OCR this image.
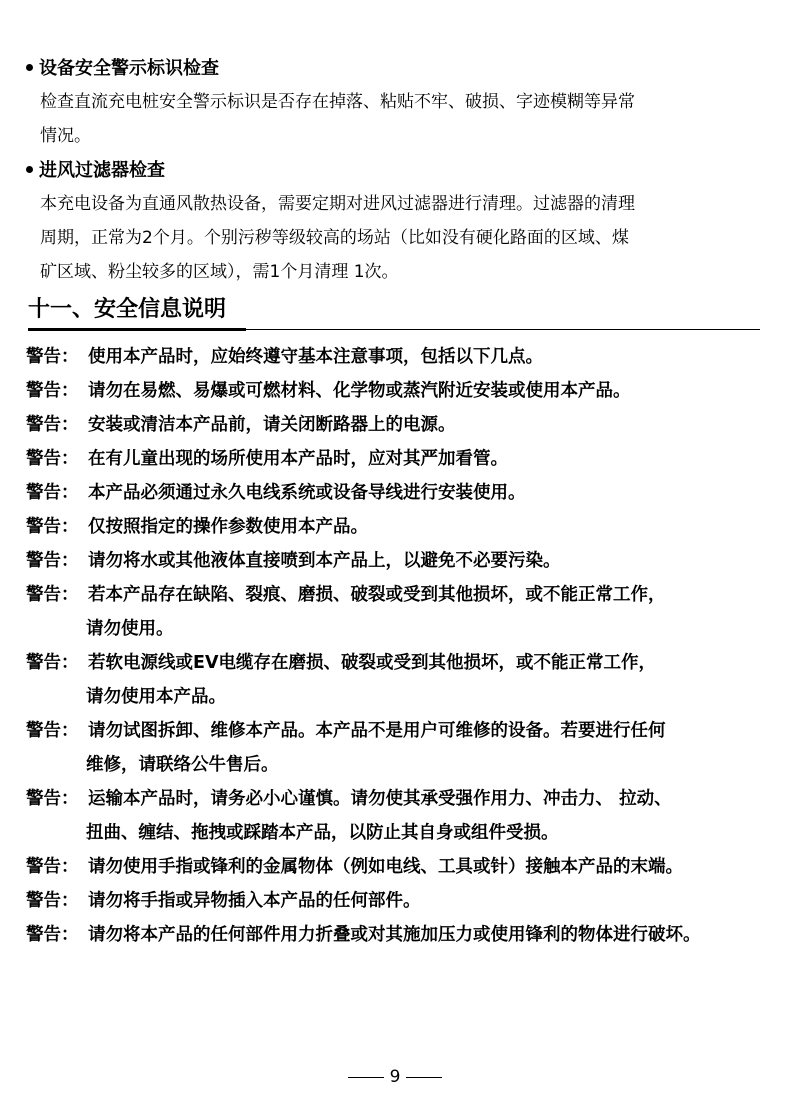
设备安全警示标识检查
检查直流充电桩安全警示标识是否存在掉落、粘贴不牢、破损、字迹模糊等异常
情况。
进风过滤器检查
本充电设备为直通风散热设备，需要定期对进风过滤器进行清理。过滤器的清理
周期，正常为2个月。个别污秽等级较高的场站（比如没有硬化路面的区域、煤
矿区域、粉尘较多的区域），需1个月清理 1次。
十一、安全信息说明
警告： 使用本产品时，应始终遵守基本注意事项，包括以下几点。
警告： 请勿在易燃、易爆或可燃材料、化学物或蒸汽附近安装或使用本产品。
警告： 安装或清洁本产品前，请关闭断路器上的电源。
警告： 在有儿童出现的场所使用本产品时，应对其严加看管。
警告： 本产品必须通过永久电线系统或设备导线进行安装使用。
警告： 仅按照指定的操作参数使用本产品。
警告： 请勿将水或其他液体直接喷到本产品上，以避免不必要污染。
警告： 若本产品存在缺陷、裂痕、磨损、破裂或受到其他损坏，或不能正常工作，
请勿使用。
警告： 若软电源线或EV电缆存在磨损、破裂或受到其他损坏，或不能正常工作，
请勿使用本产品。
警告： 请勿试图拆卸、维修本产品。本产品不是用户可维修的设备。若要进行任何
维修，请联络公牛售后。
警告： 运输本产品时，请务必小心谨慎。请勿使其承受强作用力、冲击力、 拉动、
扭曲、缠结、拖拽或踩踏本产品，以防止其自身或组件受损。
警告： 请勿使用手指或锋利的金属物体（例如电线、工具或针）接触本产品的末端。
警告： 请勿将手指或异物插入本产品的任何部件。
警告： 请勿将本产品的任何部件用力折叠或对其施加压力或使用锋利的物体进行破坏。
9
